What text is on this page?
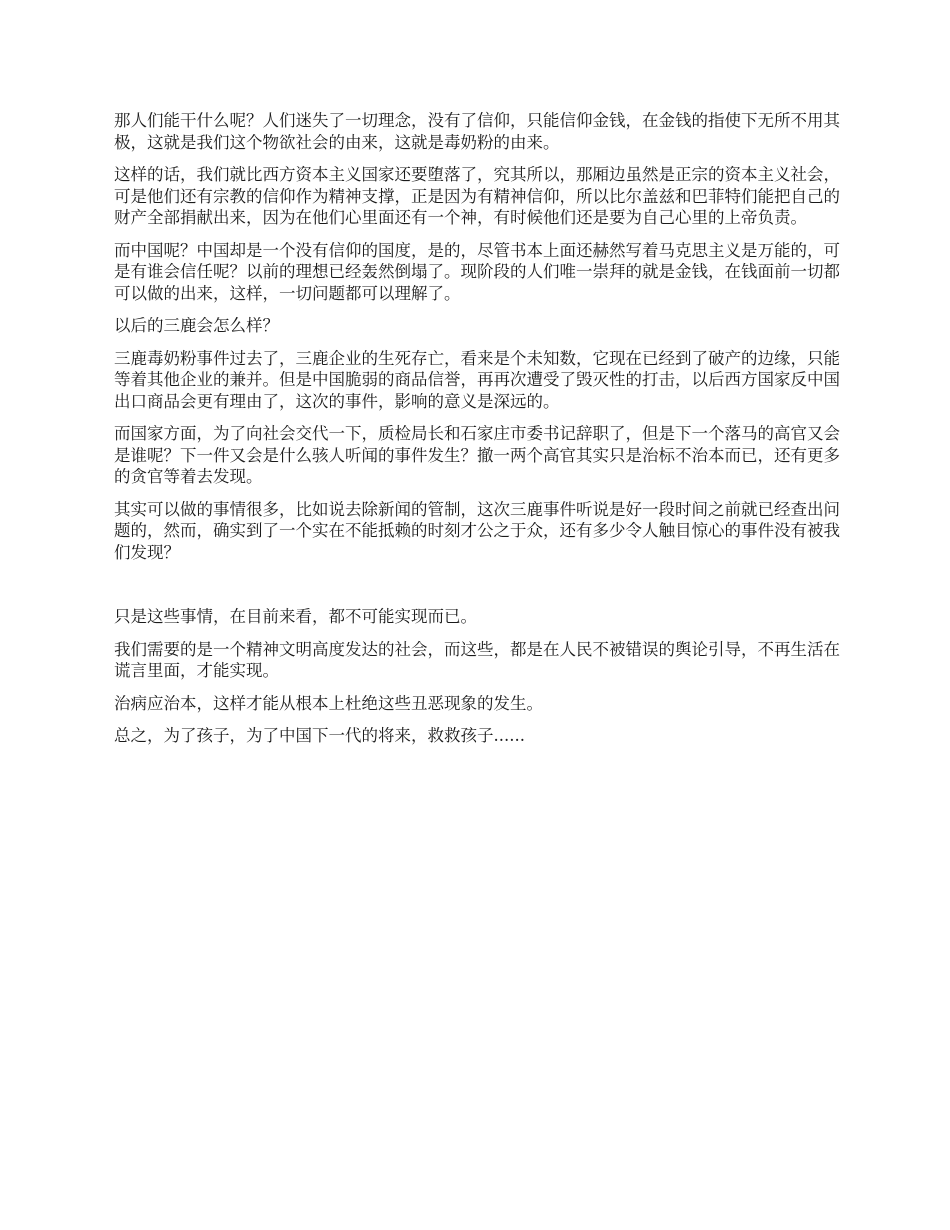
那人们能干什么呢？人们迷失了一切理念，没有了信仰，只能信仰金钱，在金钱的指使下无所不用其极，这就是我们这个物欲社会的由来，这就是毒奶粉的由来。

这样的话，我们就比西方资本主义国家还要堕落了，究其所以，那厢边虽然是正宗的资本主义社会，可是他们还有宗教的信仰作为精神支撑，正是因为有精神信仰，所以比尔盖兹和巴菲特们能把自己的财产全部捐献出来，因为在他们心里面还有一个神，有时候他们还是要为自己心里的上帝负责。

而中国呢？中国却是一个没有信仰的国度，是的，尽管书本上面还赫然写着马克思主义是万能的，可是有谁会信任呢？以前的理想已经轰然倒塌了。现阶段的人们唯一崇拜的就是金钱，在钱面前一切都可以做的出来，这样，一切问题都可以理解了。

以后的三鹿会怎么样？

三鹿毒奶粉事件过去了，三鹿企业的生死存亡，看来是个未知数，它现在已经到了破产的边缘，只能等着其他企业的兼并。但是中国脆弱的商品信誉，再再次遭受了毁灭性的打击，以后西方国家反中国出口商品会更有理由了，这次的事件，影响的意义是深远的。

而国家方面，为了向社会交代一下，质检局长和石家庄市委书记辞职了，但是下一个落马的高官又会是谁呢？下一件又会是什么骇人听闻的事件发生？撤一两个高官其实只是治标不治本而已，还有更多的贪官等着去发现。

其实可以做的事情很多，比如说去除新闻的管制，这次三鹿事件听说是好一段时间之前就已经查出问题的，然而，确实到了一个实在不能抵赖的时刻才公之于众，还有多少令人触目惊心的事件没有被我们发现？

只是这些事情，在目前来看，都不可能实现而已。

我们需要的是一个精神文明高度发达的社会，而这些，都是在人民不被错误的舆论引导，不再生活在谎言里面，才能实现。

治病应治本，这样才能从根本上杜绝这些丑恶现象的发生。

总之，为了孩子，为了中国下一代的将来，救救孩子......
